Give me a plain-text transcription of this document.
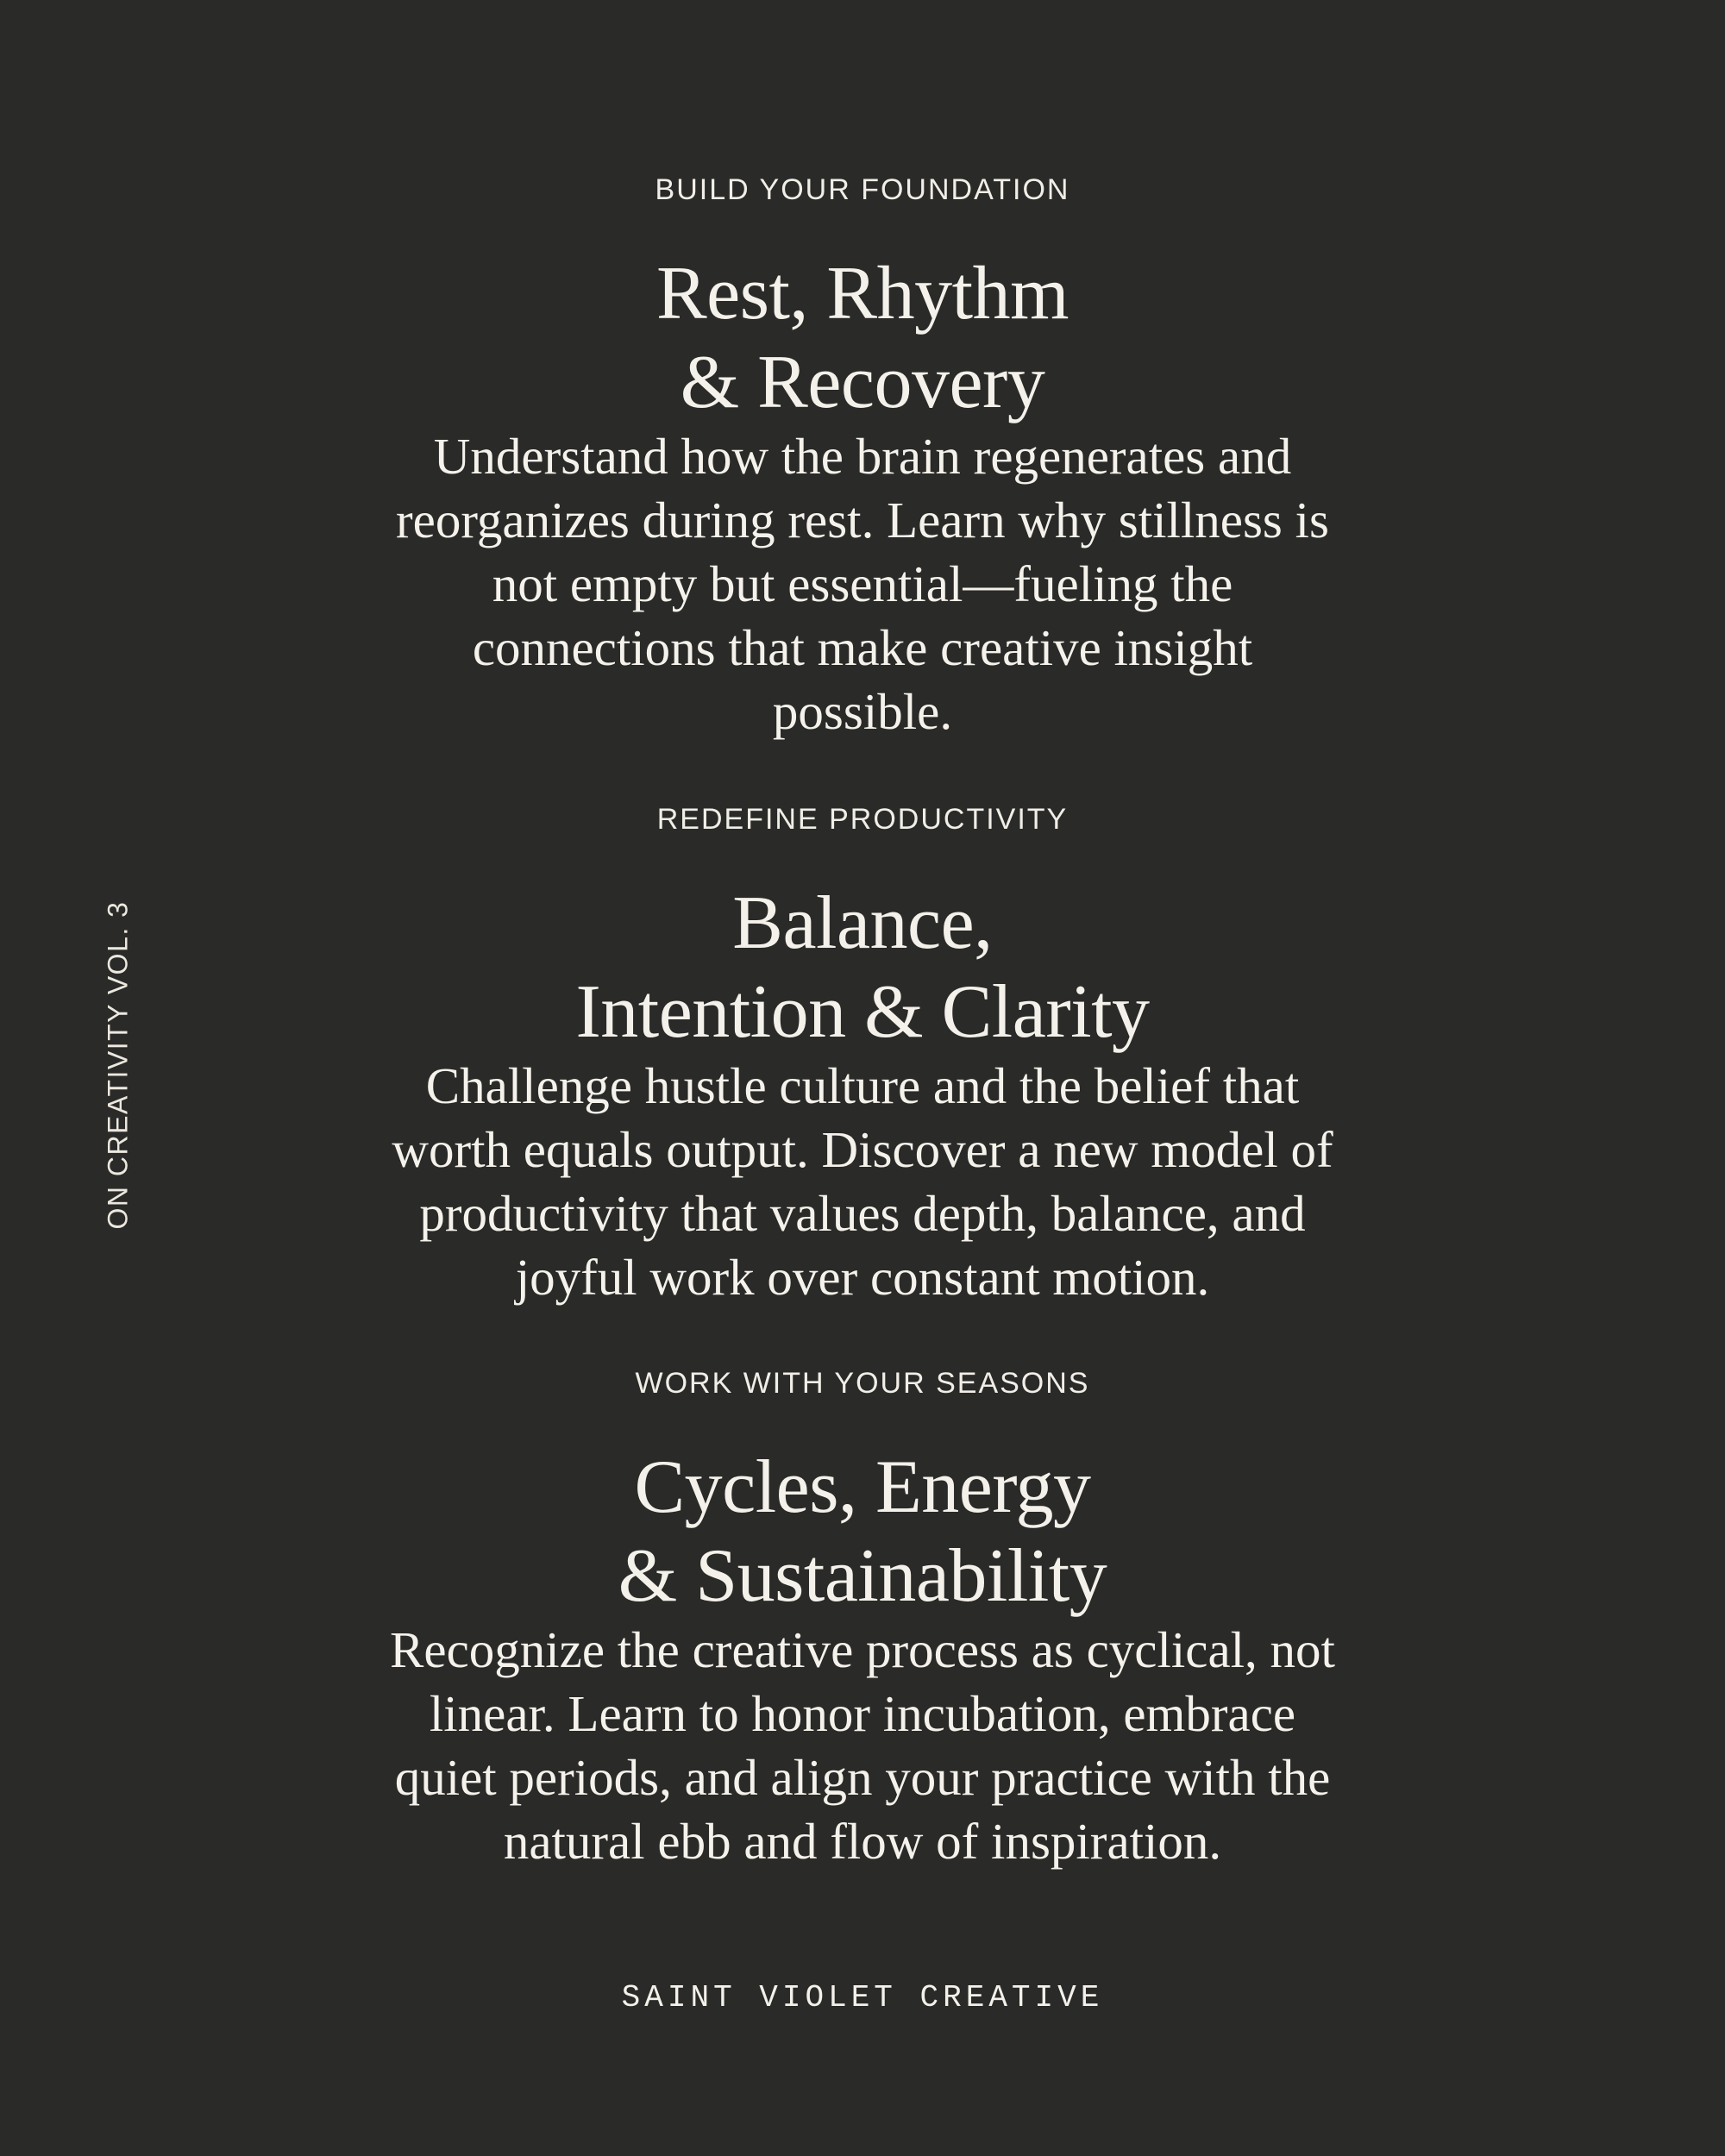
ON CREATIVITY VOL. 3

BUILD YOUR FOUNDATION

Rest, Rhythm
& Recovery

Understand how the brain regenerates and
reorganizes during rest. Learn why stillness is
not empty but essential—fueling the
connections that make creative insight
possible.

REDEFINE PRODUCTIVITY

Balance,
Intention & Clarity

Challenge hustle culture and the belief that
worth equals output. Discover a new model of
productivity that values depth, balance, and
joyful work over constant motion.

WORK WITH YOUR SEASONS

Cycles, Energy
& Sustainability

Recognize the creative process as cyclical, not
linear. Learn to honor incubation, embrace
quiet periods, and align your practice with the
natural ebb and flow of inspiration.

SAINT VIOLET CREATIVE
